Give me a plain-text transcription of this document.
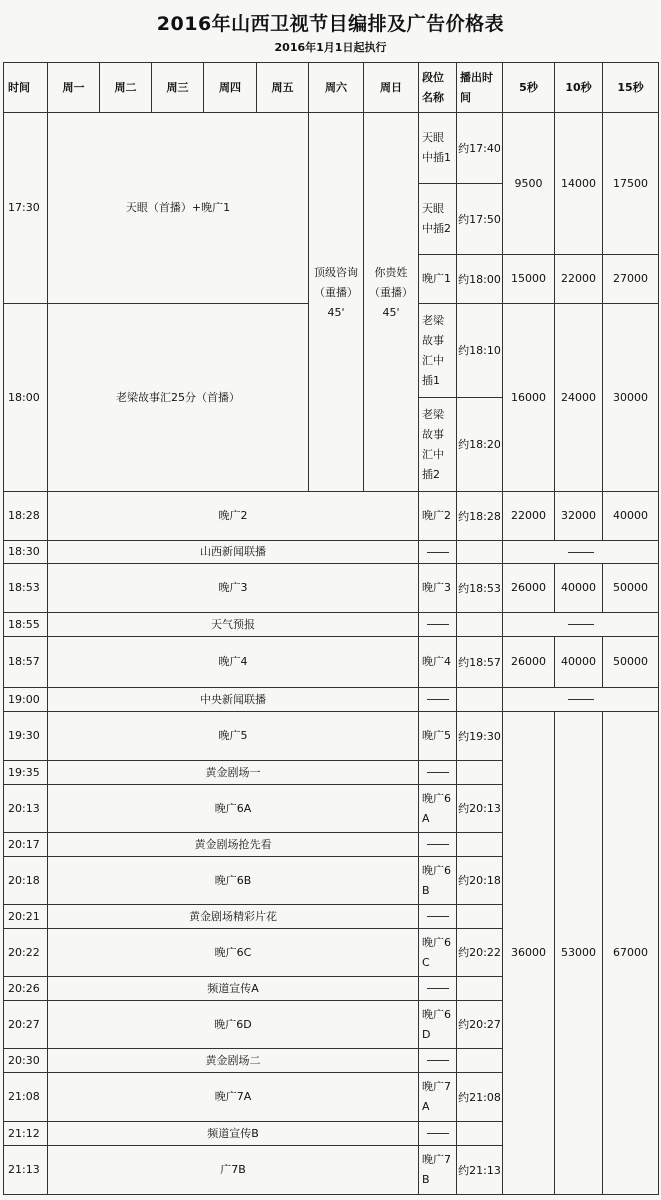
2016年山西卫视节目编排及广告价格表
2016年1月1日起执行
时间	周一	周二	周三	周四	周五	周六	周日	段位名称	播出时间	5秒	10秒	15秒	
17:30	天眼（首播）+晚广1					顶级咨询（重播）45'	你贵姓（重播）45'	天眼中插1	约17:40	9500	14000	17500	
								天眼中插2	约17:50				
								晚广1	约18:00	15000	22000	27000	
18:00	老梁故事汇25分（首播）							老梁故事汇中插1	约18:10	16000	24000	30000	
								老梁故事汇中插2	约18:20				
18:28	晚广2							晚广2	约18:28	22000	32000	40000	
18:30	山西新闻联播												
18:53	晚广3							晚广3	约18:53	26000	40000	50000	
18:55	天气预报												
18:57	晚广4							晚广4	约18:57	26000	40000	50000	
19:00	中央新闻联播												
19:30	晚广5							晚广5	约19:30	36000	53000	67000	
19:35	黄金剧场一												
20:13	晚广6A							晚广6A	约20:13				
20:17	黄金剧场抢先看												
20:18	晚广6B							晚广6B	约20:18				
20:21	黄金剧场精彩片花												
20:22	晚广6C							晚广6C	约20:22				
20:26	频道宣传A												
20:27	晚广6D							晚广6D	约20:27				
20:30	黄金剧场二												
21:08	晚广7A							晚广7A	约21:08				
21:12	频道宣传B												
21:13	广7B							晚广7B	约21:13				
